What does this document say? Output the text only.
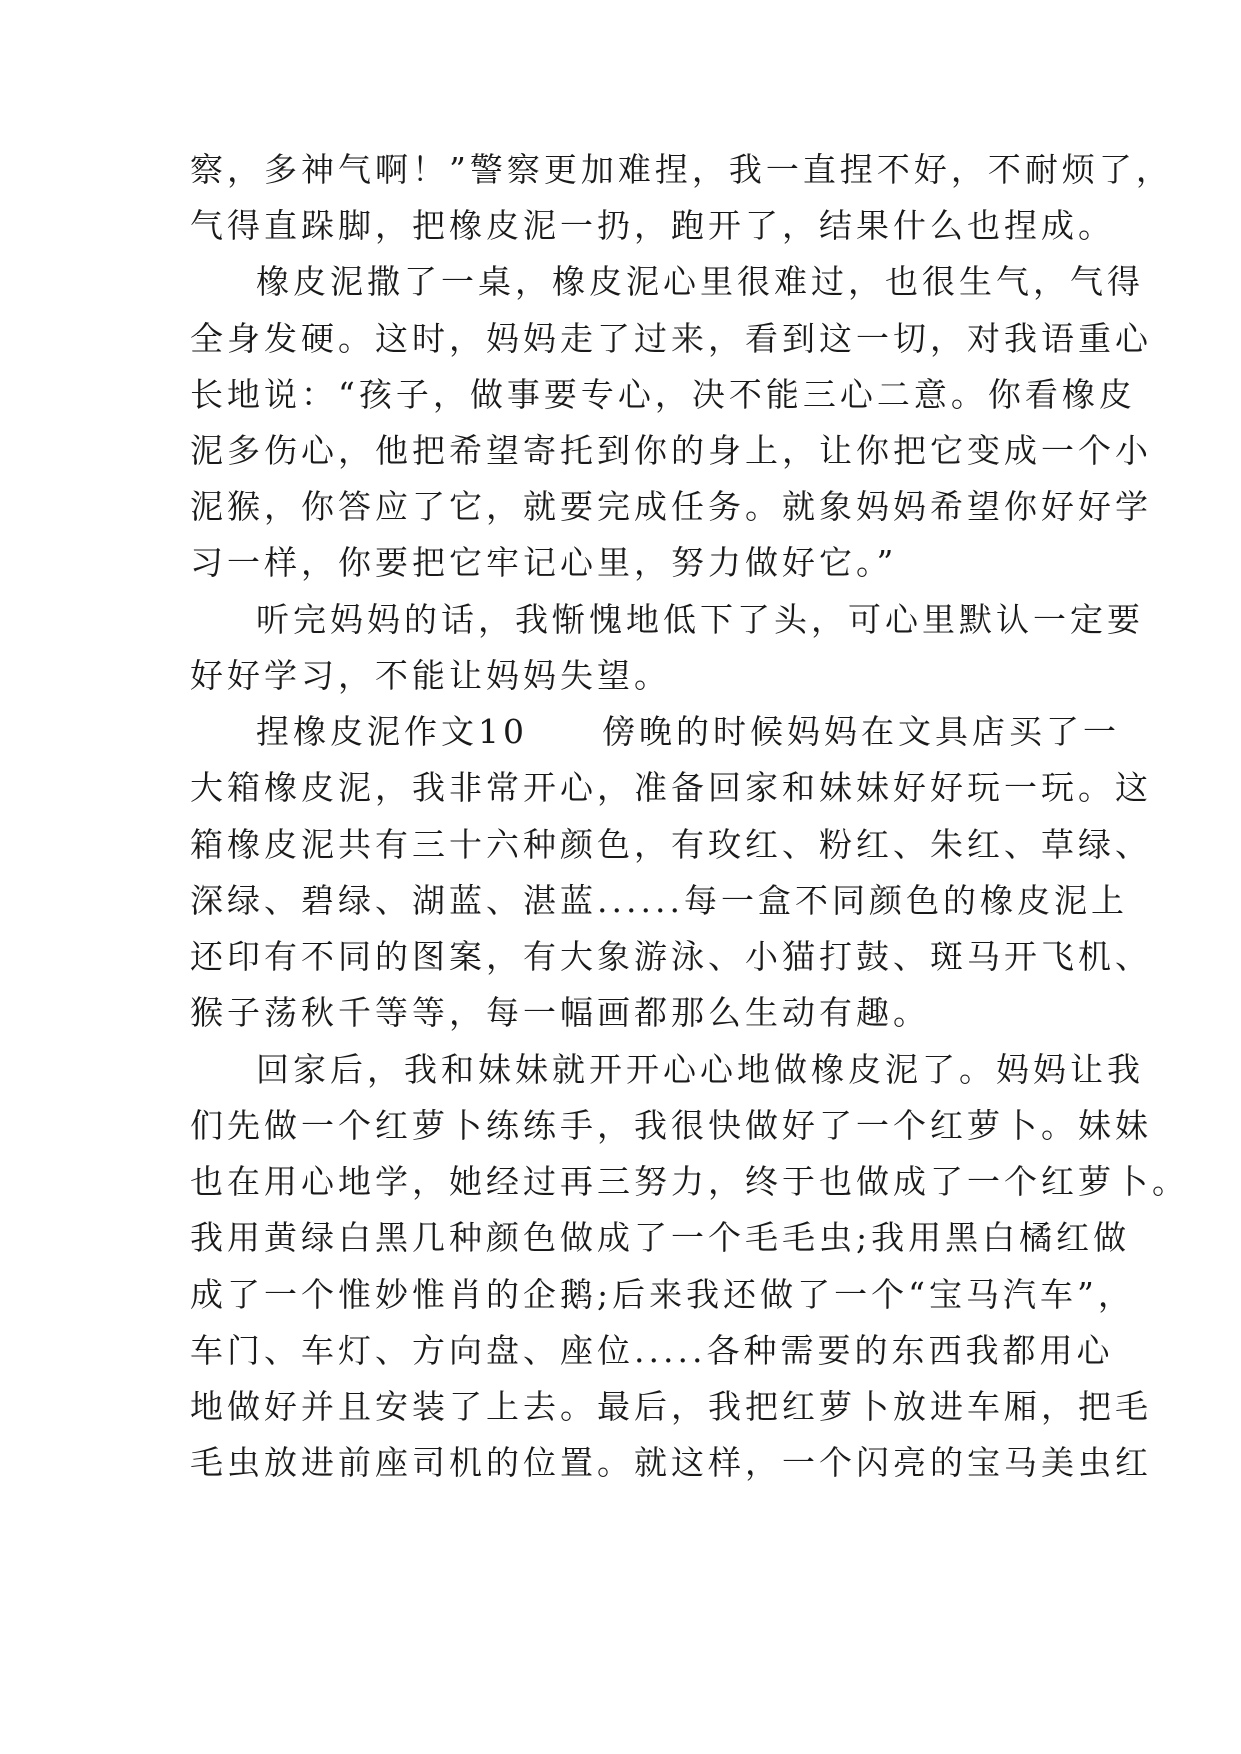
察，多神气啊！”警察更加难捏，我一直捏不好，不耐烦了，
气得直跺脚，把橡皮泥一扔，跑开了，结果什么也捏成。
橡皮泥撒了一桌，橡皮泥心里很难过，也很生气，气得
全身发硬。这时，妈妈走了过来，看到这一切，对我语重心
长地说：“孩子，做事要专心，决不能三心二意。你看橡皮
泥多伤心，他把希望寄托到你的身上，让你把它变成一个小
泥猴，你答应了它，就要完成任务。就象妈妈希望你好好学
习一样，你要把它牢记心里，努力做好它。”
听完妈妈的话，我惭愧地低下了头，可心里默认一定要
好好学习，不能让妈妈失望。
捏橡皮泥作文10　　傍晚的时候妈妈在文具店买了一
大箱橡皮泥，我非常开心，准备回家和妹妹好好玩一玩。这
箱橡皮泥共有三十六种颜色，有玫红、粉红、朱红、草绿、
深绿、碧绿、湖蓝、湛蓝......每一盒不同颜色的橡皮泥上
还印有不同的图案，有大象游泳、小猫打鼓、斑马开飞机、
猴子荡秋千等等，每一幅画都那么生动有趣。
回家后，我和妹妹就开开心心地做橡皮泥了。妈妈让我
们先做一个红萝卜练练手，我很快做好了一个红萝卜。妹妹
也在用心地学，她经过再三努力，终于也做成了一个红萝卜。
我用黄绿白黑几种颜色做成了一个毛毛虫;我用黑白橘红做
成了一个惟妙惟肖的企鹅;后来我还做了一个“宝马汽车”，
车门、车灯、方向盘、座位.....各种需要的东西我都用心
地做好并且安装了上去。最后，我把红萝卜放进车厢，把毛
毛虫放进前座司机的位置。就这样，一个闪亮的宝马美虫红
